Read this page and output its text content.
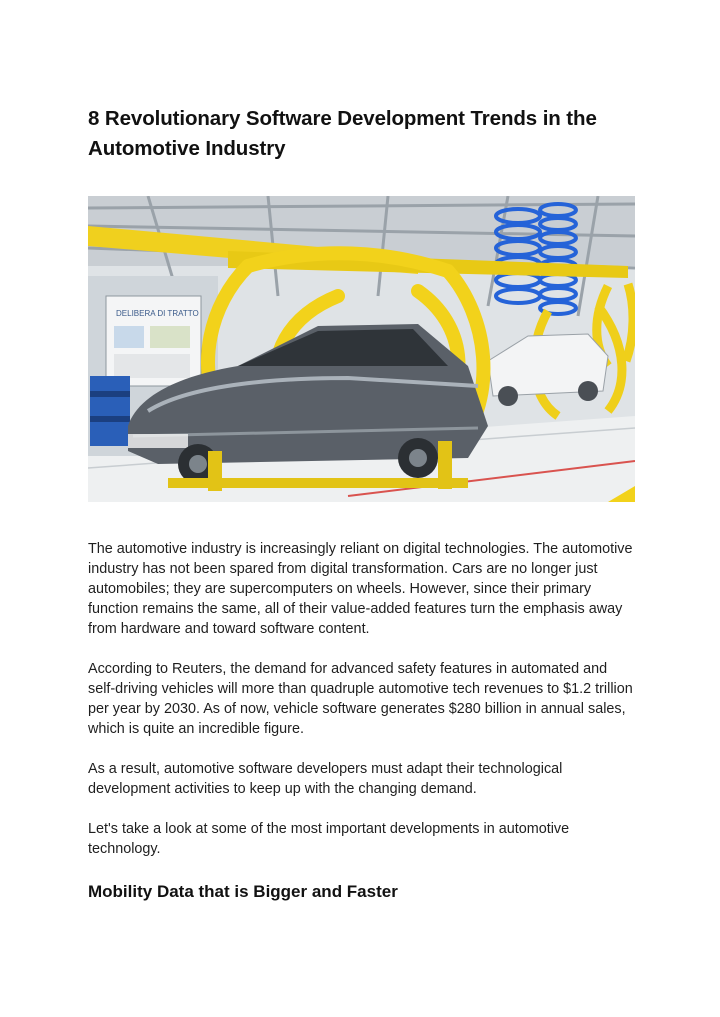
8 Revolutionary Software Development Trends in the Automotive Industry
DELIBERA DI TRATTO

The automotive industry is increasingly reliant on digital technologies. The automotive industry has not been spared from digital transformation. Cars are no longer just automobiles; they are supercomputers on wheels. However, since their primary function remains the same, all of their value-added features turn the emphasis away from hardware and toward software content.

According to Reuters, the demand for advanced safety features in automated and self-driving vehicles will more than quadruple automotive tech revenues to $1.2 trillion per year by 2030. As of now, vehicle software generates $280 billion in annual sales, which is quite an incredible figure.

As a result, automotive software developers must adapt their technological development activities to keep up with the changing demand.

Let's take a look at some of the most important developments in automotive technology.

Mobility Data that is Bigger and Faster
